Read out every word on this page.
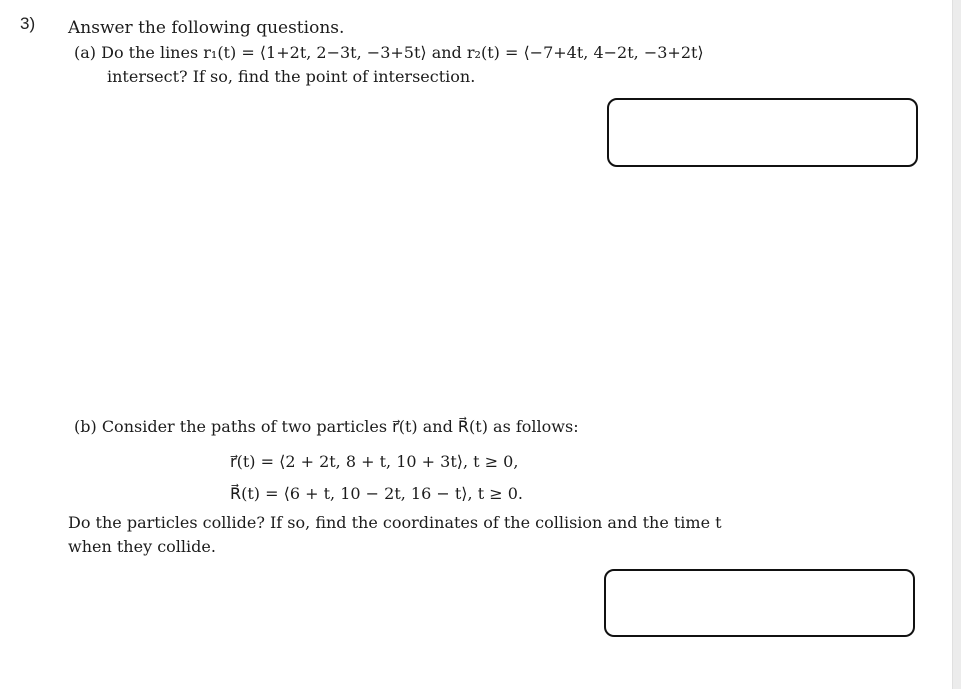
3) Answer the following questions.
(a) Do the lines r₁(t) = ⟨1+2t, 2−3t, −3+5t⟩ and r₂(t) = ⟨−7+4t, 4−2t, −3+2t⟩
intersect? If so, find the point of intersection.
(b) Consider the paths of two particles r⃗(t) and R⃗(t) as follows:
r⃗(t) = ⟨2 + 2t, 8 + t, 10 + 3t⟩, t ≥ 0,
R⃗(t) = ⟨6 + t, 10 − 2t, 16 − t⟩, t ≥ 0.
Do the particles collide? If so, find the coordinates of the collision and the time t
when they collide.
